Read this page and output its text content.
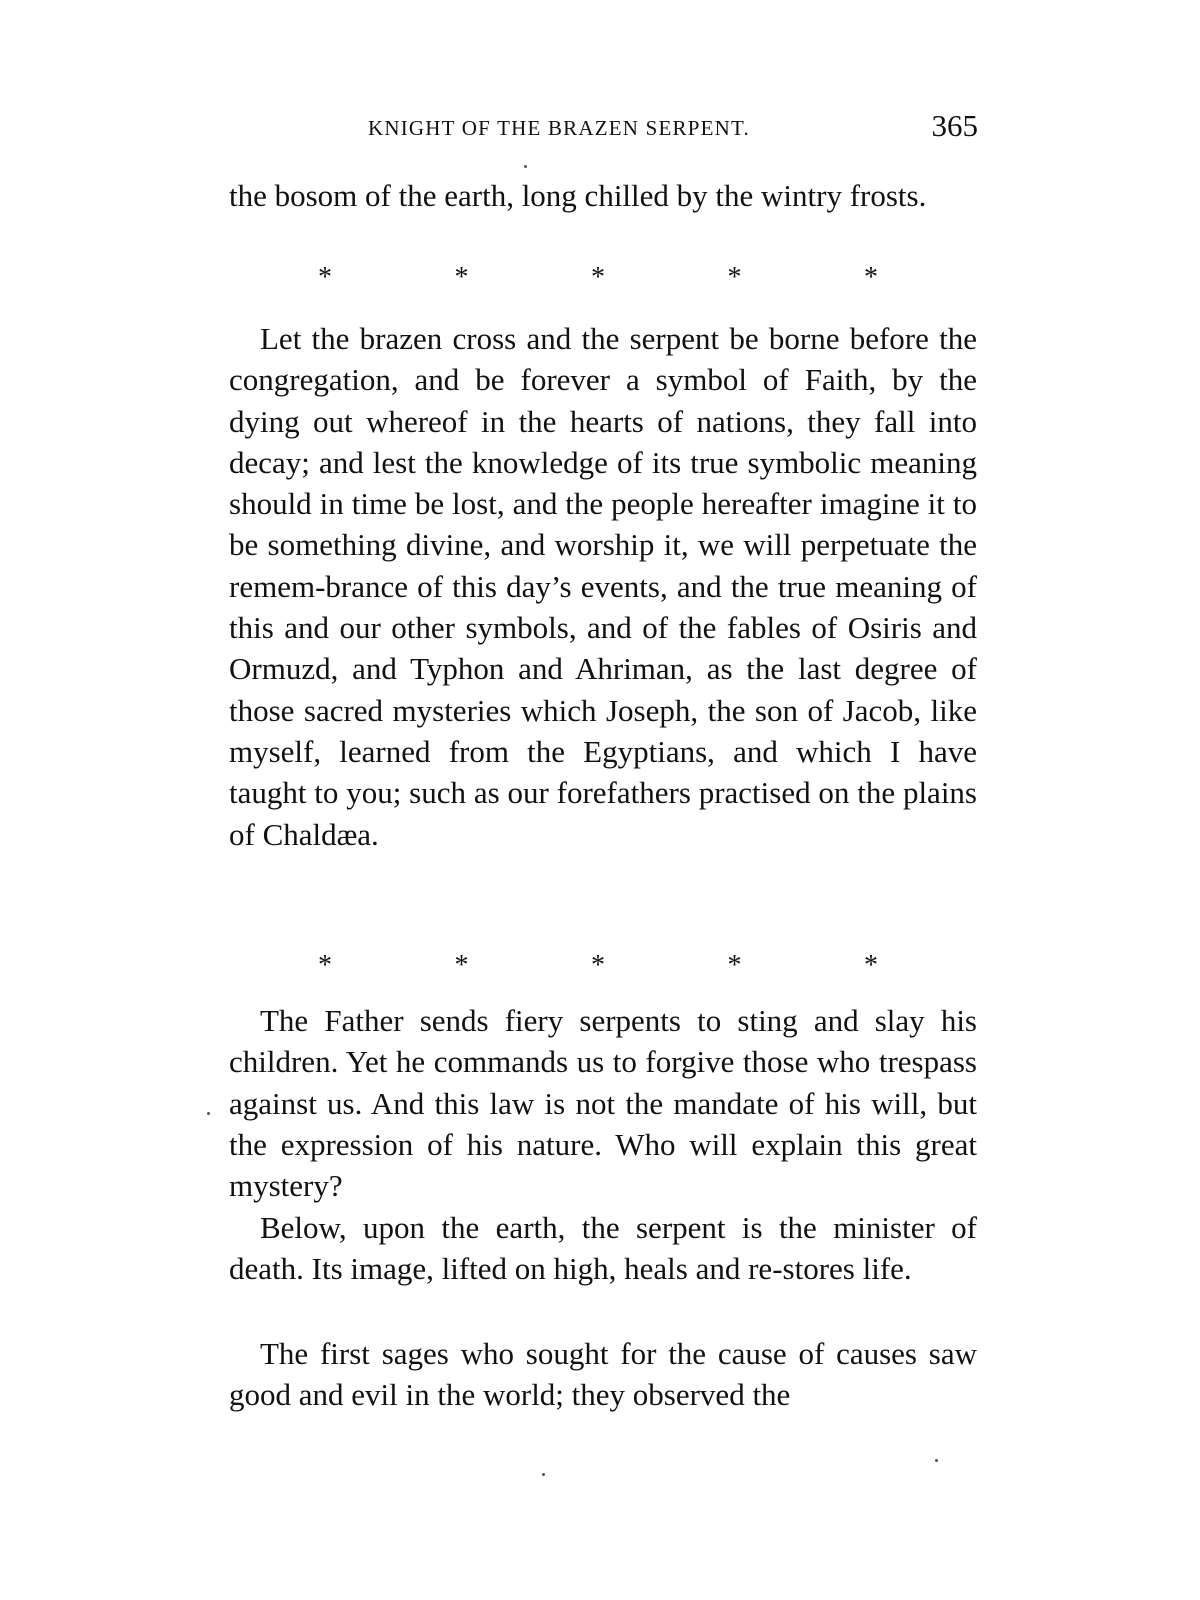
KNIGHT OF THE BRAZEN SERPENT.	365

the bosom of the earth, long chilled by the wintry frosts.

*	*	*	*	*

Let the brazen cross and the serpent be borne before the congregation, and be forever a symbol of Faith, by the dying out whereof in the hearts of nations, they fall into decay; and lest the knowledge of its true symbolic meaning should in time be lost, and the people hereafter imagine it to be something divine, and worship it, we will perpetuate the remem-brance of this day’s events, and the true meaning of this and our other symbols, and of the fables of Osiris and Ormuzd, and Typhon and Ahriman, as the last degree of those sacred mysteries which Joseph, the son of Jacob, like myself, learned from the Egyptians, and which I have taught to you; such as our forefathers practised on the plains of Chaldæa.

*	*	*	*	*

The Father sends fiery serpents to sting and slay his children. Yet he commands us to forgive those who trespass against us. And this law is not the mandate of his will, but the expression of his nature. Who will explain this great mystery?

Below, upon the earth, the serpent is the minister of death. Its image, lifted on high, heals and re-stores life.

The first sages who sought for the cause of causes saw good and evil in the world; they observed the
